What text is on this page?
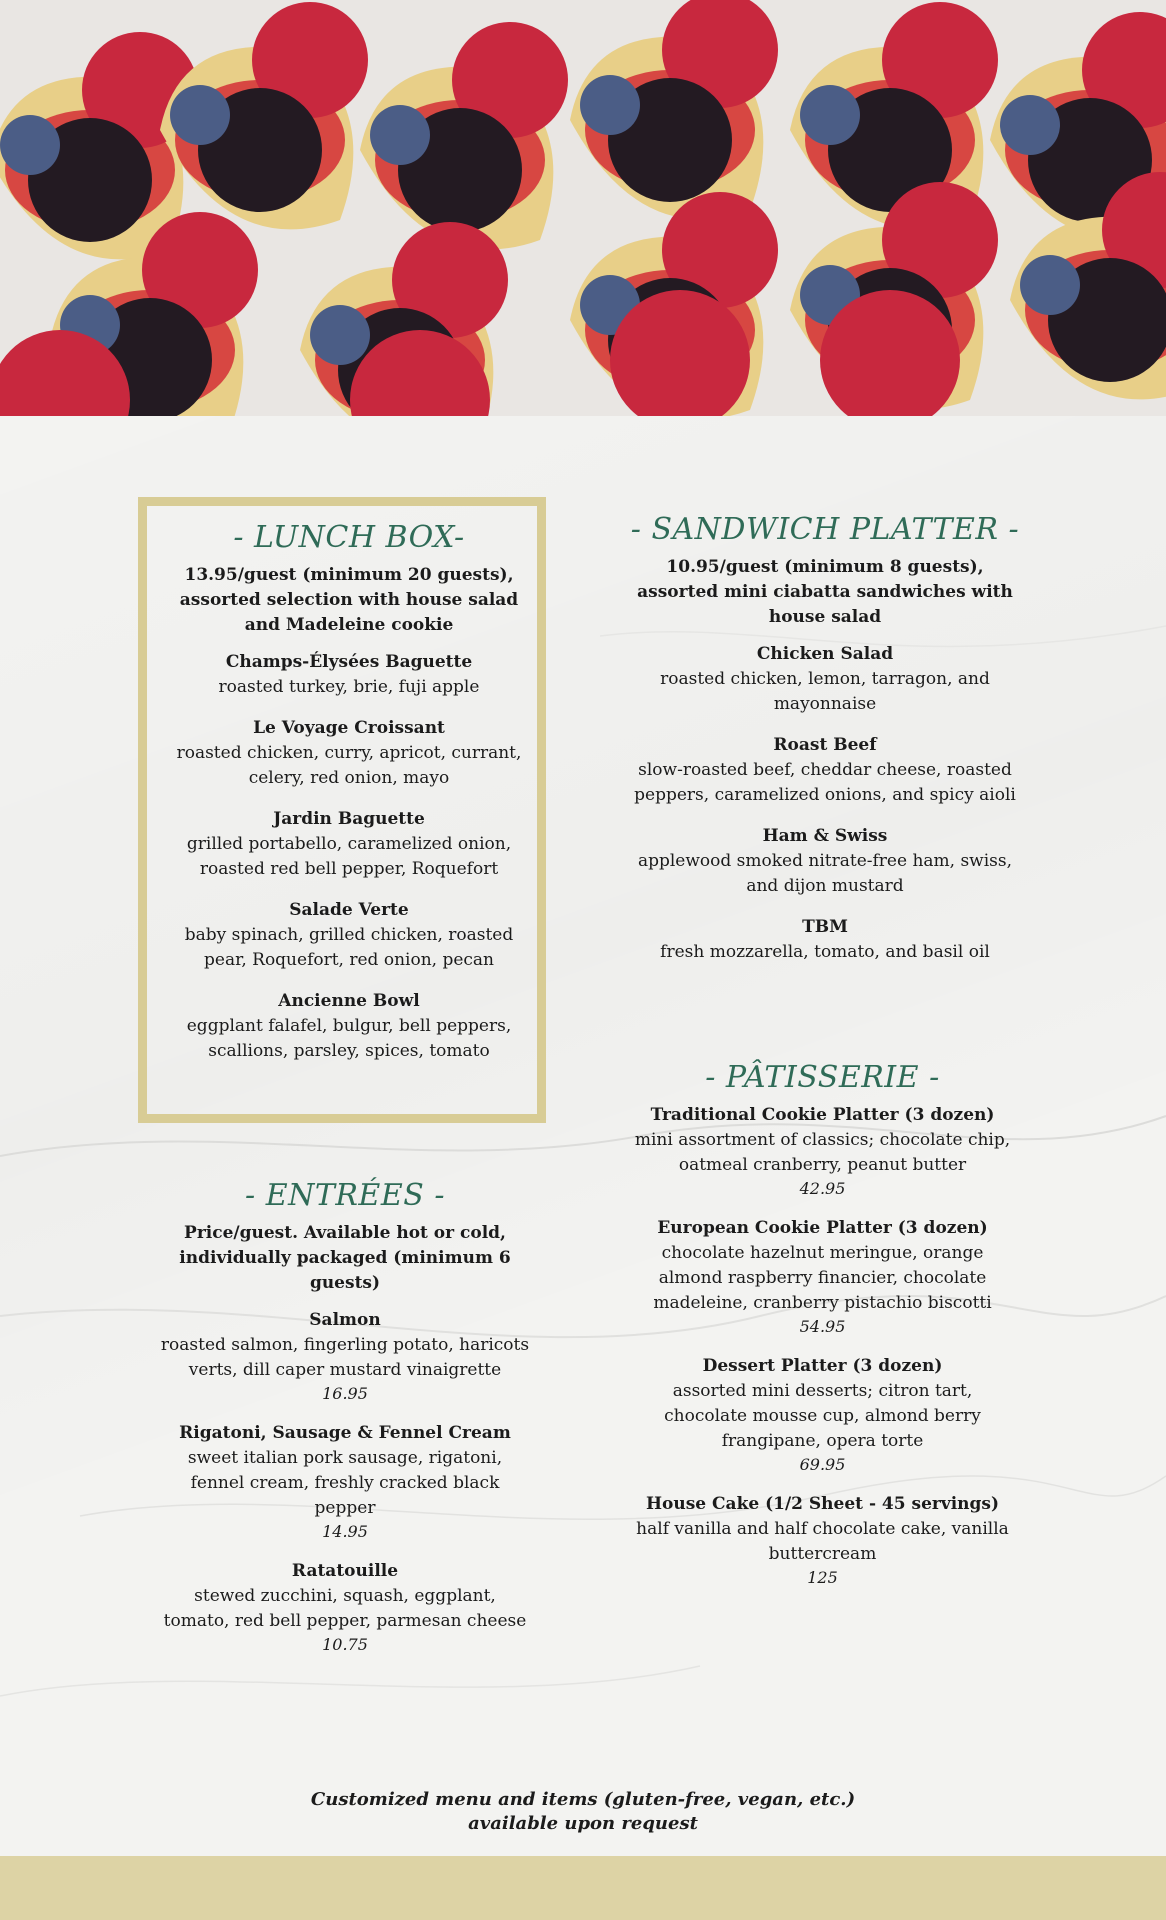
- LUNCH BOX-
13.95/guest (minimum 20 guests), assorted selection with house salad and Madeleine cookie
Champs-Élysées Baguette
roasted turkey, brie, fuji apple
Le Voyage Croissant
roasted chicken, curry, apricot, currant, celery, red onion, mayo
Jardin Baguette
grilled portabello, caramelized onion, roasted red bell pepper, Roquefort
Salade Verte
baby spinach, grilled chicken, roasted pear, Roquefort, red onion, pecan
Ancienne Bowl
eggplant falafel, bulgur, bell peppers, scallions, parsley, spices, tomato
- SANDWICH PLATTER -
10.95/guest (minimum 8 guests), assorted mini ciabatta sandwiches with house salad
Chicken Salad
roasted chicken, lemon, tarragon, and mayonnaise
Roast Beef
slow-roasted beef, cheddar cheese, roasted peppers, caramelized onions, and spicy aioli
Ham & Swiss
applewood smoked nitrate-free ham, swiss, and dijon mustard
TBM
fresh mozzarella, tomato, and basil oil
- ENTRÉES -
Price/guest. Available hot or cold, individually packaged (minimum 6 guests)
Salmon
roasted salmon, fingerling potato, haricots verts, dill caper mustard vinaigrette
16.95
Rigatoni, Sausage & Fennel Cream
sweet italian pork sausage, rigatoni, fennel cream, freshly cracked black pepper
14.95
Ratatouille
stewed zucchini, squash, eggplant, tomato, red bell pepper, parmesan cheese
10.75
- PÂTISSERIE -
Traditional Cookie Platter (3 dozen)
mini assortment of classics; chocolate chip, oatmeal cranberry, peanut butter
42.95
European Cookie Platter (3 dozen)
chocolate hazelnut meringue, orange almond raspberry financier, chocolate madeleine, cranberry pistachio biscotti
54.95
Dessert Platter (3 dozen)
assorted mini desserts; citron tart, chocolate mousse cup, almond berry frangipane, opera torte
69.95
House Cake (1/2 Sheet - 45 servings)
half vanilla and half chocolate cake, vanilla buttercream
125
Customized menu and items (gluten-free, vegan, etc.)
available upon request
